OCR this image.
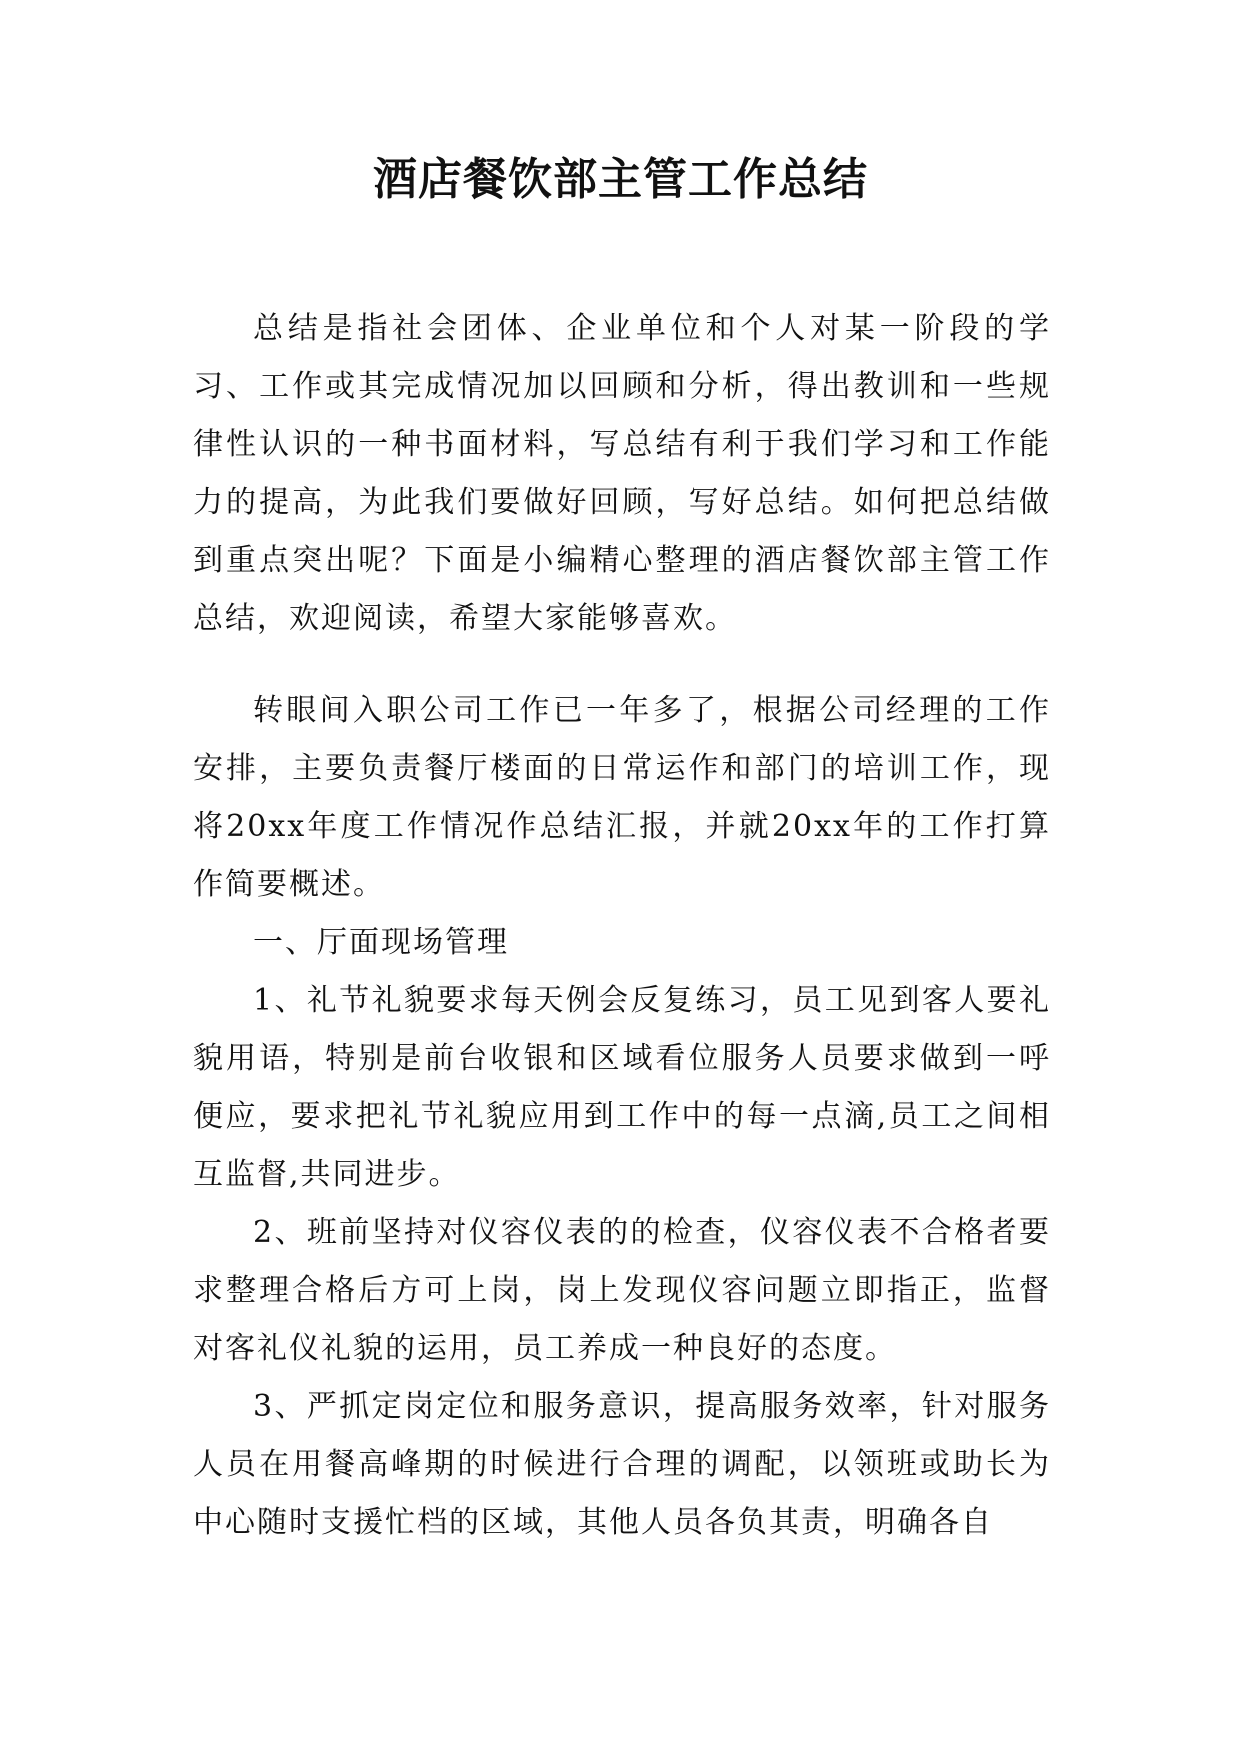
酒店餐饮部主管工作总结

总结是指社会团体、企业单位和个人对某一阶段的学习、工作或其完成情况加以回顾和分析，得出教训和一些规律性认识的一种书面材料，写总结有利于我们学习和工作能力的提高，为此我们要做好回顾，写好总结。如何把总结做到重点突出呢？下面是小编精心整理的酒店餐饮部主管工作总结，欢迎阅读，希望大家能够喜欢。

转眼间入职公司工作已一年多了，根据公司经理的工作安排，主要负责餐厅楼面的日常运作和部门的培训工作，现将20xx年度工作情况作总结汇报，并就20xx年的工作打算作简要概述。

一、厅面现场管理

1、礼节礼貌要求每天例会反复练习，员工见到客人要礼貌用语，特别是前台收银和区域看位服务人员要求做到一呼便应，要求把礼节礼貌应用到工作中的每一点滴,员工之间相互监督,共同进步。

2、班前坚持对仪容仪表的的检查，仪容仪表不合格者要求整理合格后方可上岗，岗上发现仪容问题立即指正，监督对客礼仪礼貌的运用，员工养成一种良好的态度。

3、严抓定岗定位和服务意识，提高服务效率，针对服务人员在用餐高峰期的时候进行合理的调配，以领班或助长为中心随时支援忙档的区域，其他人员各负其责，明确各自
